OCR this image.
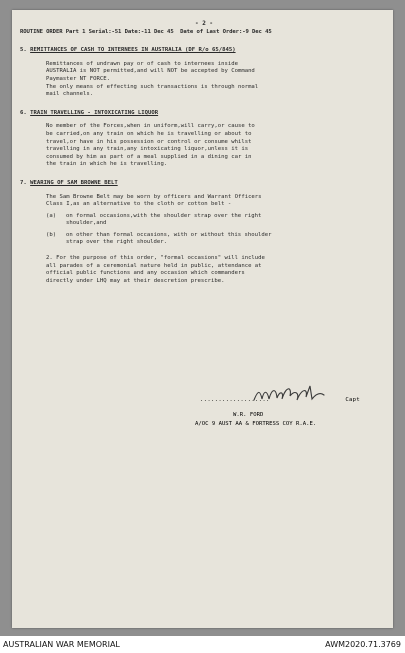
- 2 -
ROUTINE ORDER Part 1 Serial:-51 Date:-11 Dec 45  Date of Last Order:-9 Dec 45
5. REMITTANCES OF CASH TO INTERNEES IN AUSTRALIA (DF R/o 65/845)
Remittances of undrawn pay or of cash to internees inside
AUSTRALIA is NOT permitted,and will NOT be accepted by Command
Paymaster NT FORCE.
The only means of effecting such transactions is through normal
mail channels.
6. TRAIN TRAVELLING - INTOXICATING LIQUOR
No member of the Forces,when in uniform,will carry,or cause to
be carried,on any train on which he is travelling or about to
travel,or have in his possession or control or consume whilst
travelling in any train,any intoxicating liquor,unless it is
consumed by him as part of a meal supplied in a dining car in
the train in which he is travelling.
7. WEARING OF SAM BROWNE BELT
The Sam Browne Belt may be worn by officers and Warrant Officers
Class I,as an alternative to the cloth or cotton belt -
(a)	on formal occasions,with the shoulder strap over the right
shoulder,and
(b)	on other than formal occasions, with or without this shoulder
strap over the right shoulder.
2. For the purpose of this order, "formal occasions" will include
all parades of a ceremonial nature held in public, attendance at
official public functions and any occasion which commanders
directly under LHQ may at their descretion prescribe.
...................	Capt
W.R. FORD
A/OC 9 AUST AA & FORTRESS COY R.A.E.
AUSTRALIAN WAR MEMORIAL	AWM2020.71.3769
